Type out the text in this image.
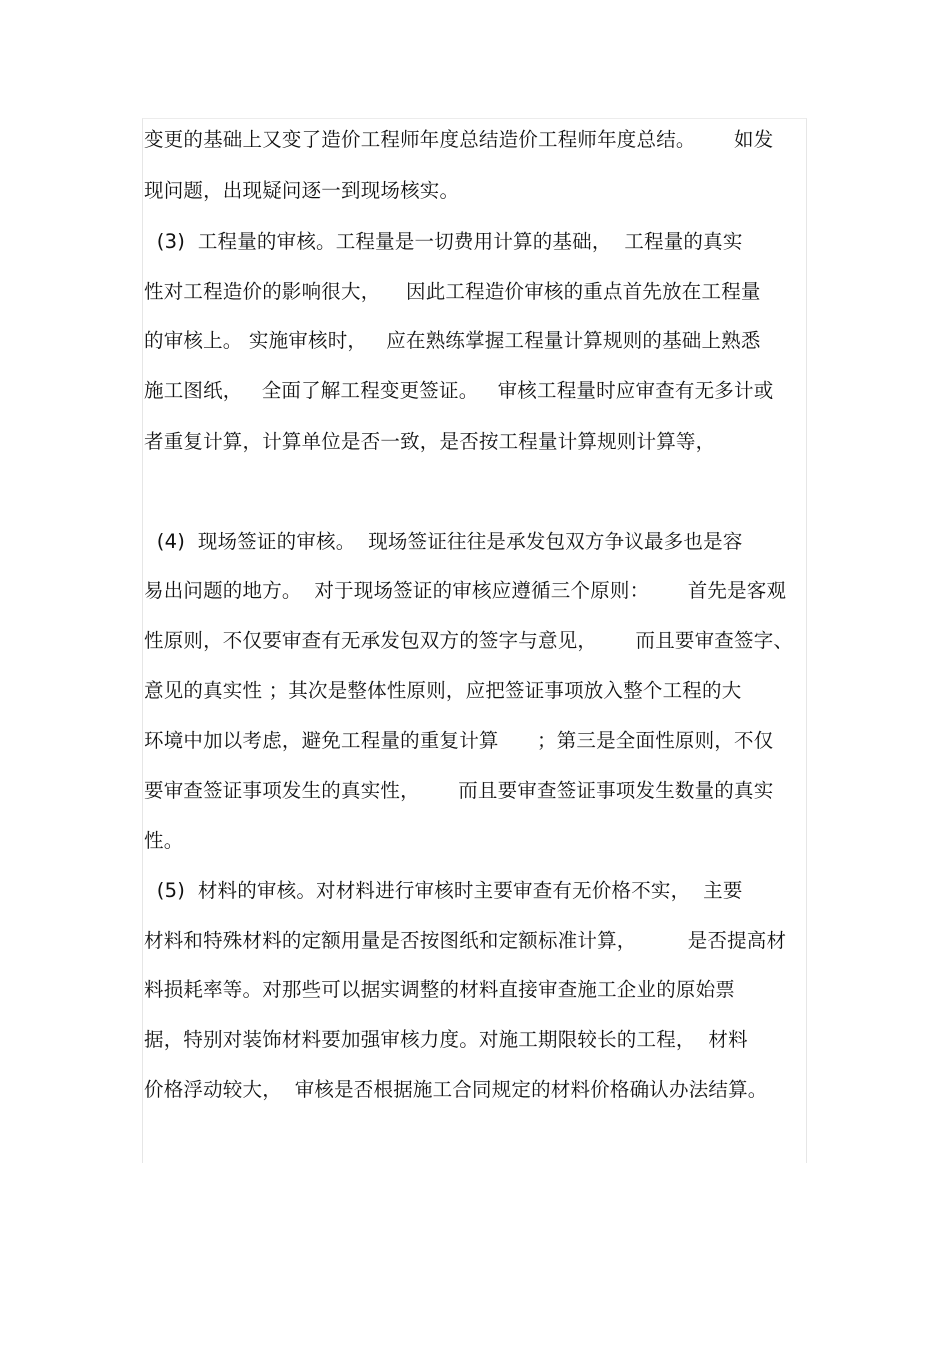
变更的基础上又变了造价工程师年度总结造价工程师年度总结。      如发
现问题，出现疑问逐一到现场核实。
(3)  工程量的审核。工程量是一切费用计算的基础，  工程量的真实
性对工程造价的影响很大，    因此工程造价审核的重点首先放在工程量
的审核上。 实施审核时，   应在熟练掌握工程量计算规则的基础上熟悉
施工图纸，   全面了解工程变更签证。   审核工程量时应审查有无多计或
者重复计算，计算单位是否一致，是否按工程量计算规则计算等，
(4)  现场签证的审核。  现场签证往往是承发包双方争议最多也是容
易出问题的地方。  对于现场签证的审核应遵循三个原则：      首先是客观
性原则，不仅要审查有无承发包双方的签字与意见，      而且要审查签字、
意见的真实性 ；其次是整体性原则，应把签证事项放入整个工程的大
环境中加以考虑，避免工程量的重复计算      ；第三是全面性原则，不仅
要审查签证事项发生的真实性，      而且要审查签证事项发生数量的真实
性。
(5)  材料的审核。对材料进行审核时主要审查有无价格不实，  主要
材料和特殊材料的定额用量是否按图纸和定额标准计算，        是否提高材
料损耗率等。对那些可以据实调整的材料直接审查施工企业的原始票
据，特别对装饰材料要加强审核力度。对施工期限较长的工程，  材料
价格浮动较大，  审核是否根据施工合同规定的材料价格确认办法结算。
